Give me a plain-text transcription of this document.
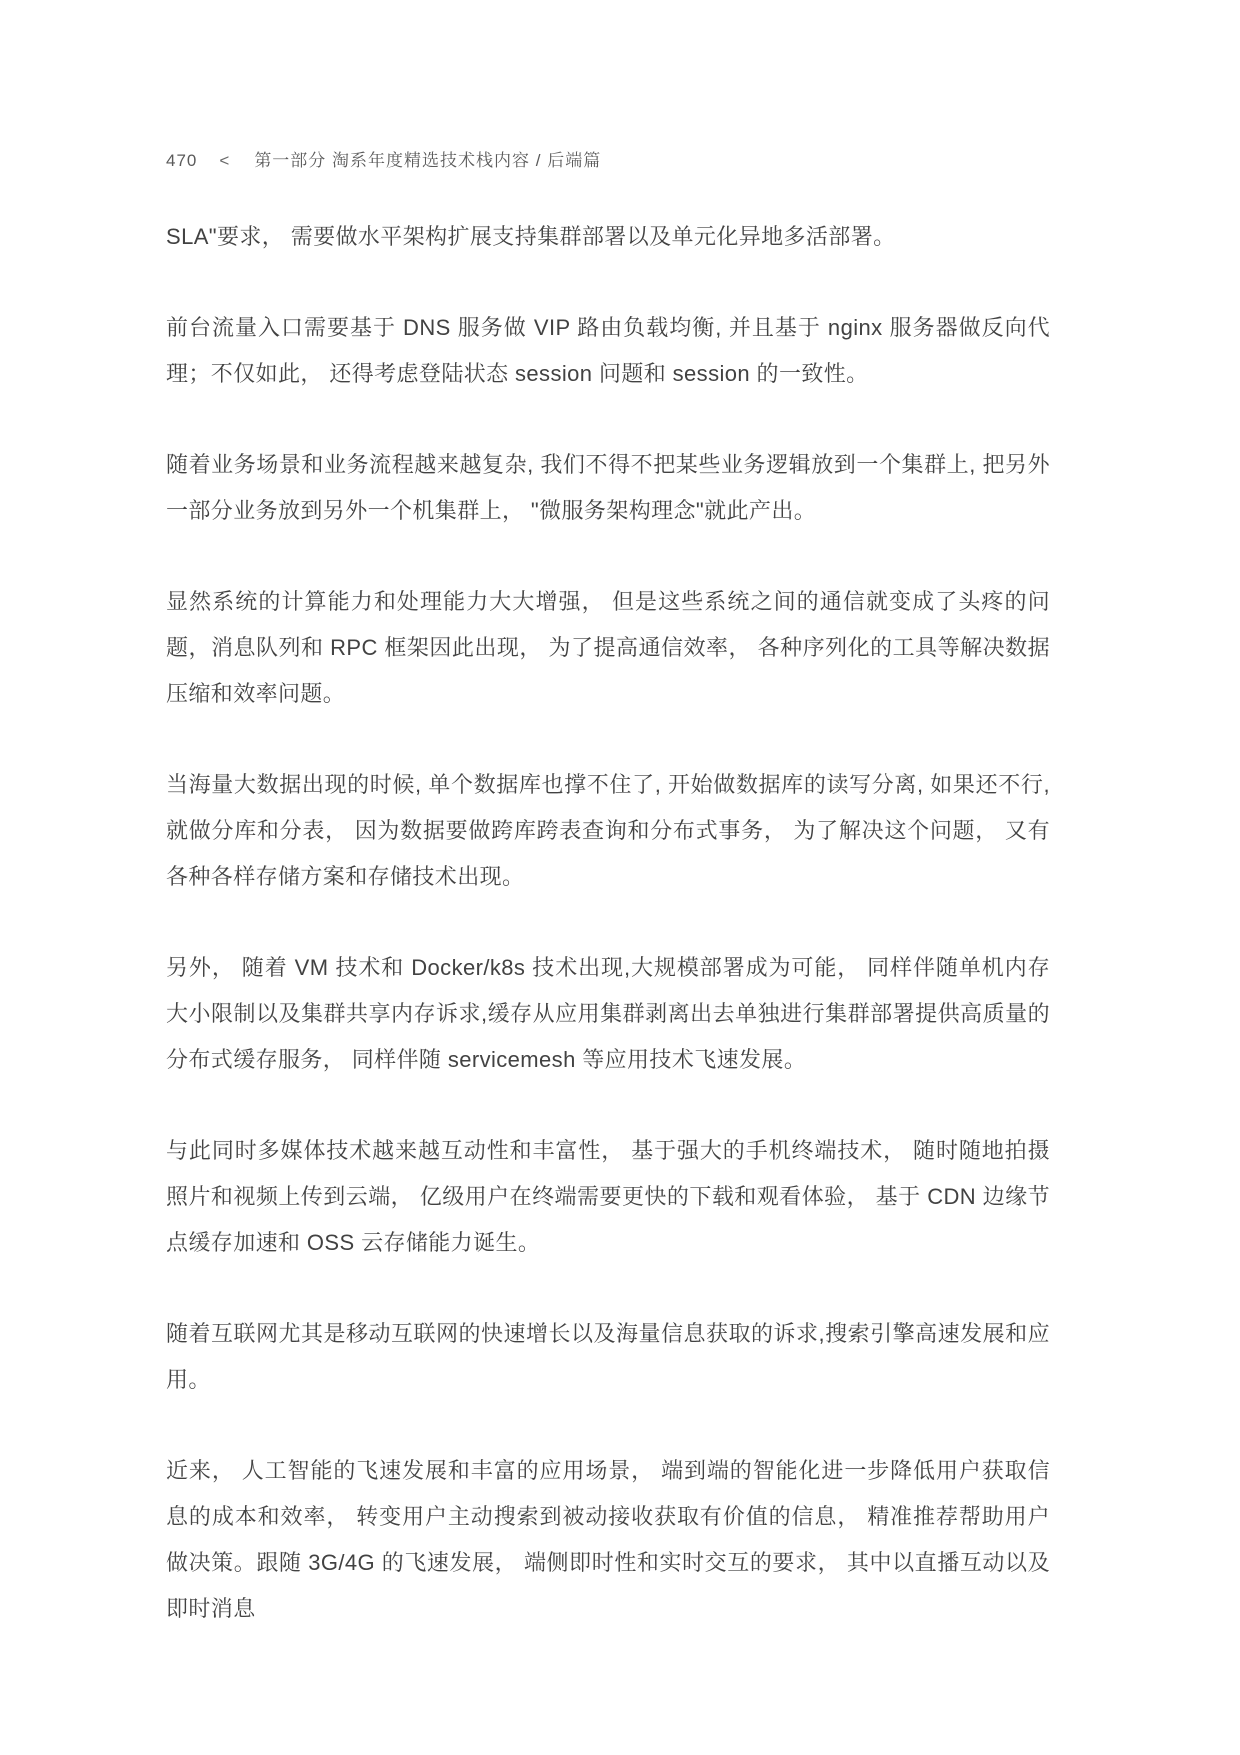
470 < 第一部分 淘系年度精选技术栈内容 / 后端篇

SLA"要求， 需要做水平架构扩展支持集群部署以及单元化异地多活部署。

前台流量入口需要基于 DNS 服务做 VIP 路由负载均衡, 并且基于 nginx 服务器做反向代理；不仅如此， 还得考虑登陆状态 session 问题和 session 的一致性。

随着业务场景和业务流程越来越复杂, 我们不得不把某些业务逻辑放到一个集群上, 把另外一部分业务放到另外一个机集群上， "微服务架构理念"就此产出。

显然系统的计算能力和处理能力大大增强， 但是这些系统之间的通信就变成了头疼的问题，消息队列和 RPC 框架因此出现， 为了提高通信效率， 各种序列化的工具等解决数据压缩和效率问题。

当海量大数据出现的时候, 单个数据库也撑不住了, 开始做数据库的读写分离, 如果还不行, 就做分库和分表， 因为数据要做跨库跨表查询和分布式事务， 为了解决这个问题， 又有各种各样存储方案和存储技术出现。

另外， 随着 VM 技术和 Docker/k8s 技术出现,大规模部署成为可能， 同样伴随单机内存大小限制以及集群共享内存诉求,缓存从应用集群剥离出去单独进行集群部署提供高质量的分布式缓存服务， 同样伴随 servicemesh 等应用技术飞速发展。

与此同时多媒体技术越来越互动性和丰富性， 基于强大的手机终端技术， 随时随地拍摄照片和视频上传到云端， 亿级用户在终端需要更快的下载和观看体验， 基于 CDN 边缘节点缓存加速和 OSS 云存储能力诞生。

随着互联网尤其是移动互联网的快速增长以及海量信息获取的诉求,搜索引擎高速发展和应用。

近来， 人工智能的飞速发展和丰富的应用场景， 端到端的智能化进一步降低用户获取信息的成本和效率， 转变用户主动搜索到被动接收获取有价值的信息， 精准推荐帮助用户做决策。跟随 3G/4G 的飞速发展， 端侧即时性和实时交互的要求， 其中以直播互动以及即时消息
